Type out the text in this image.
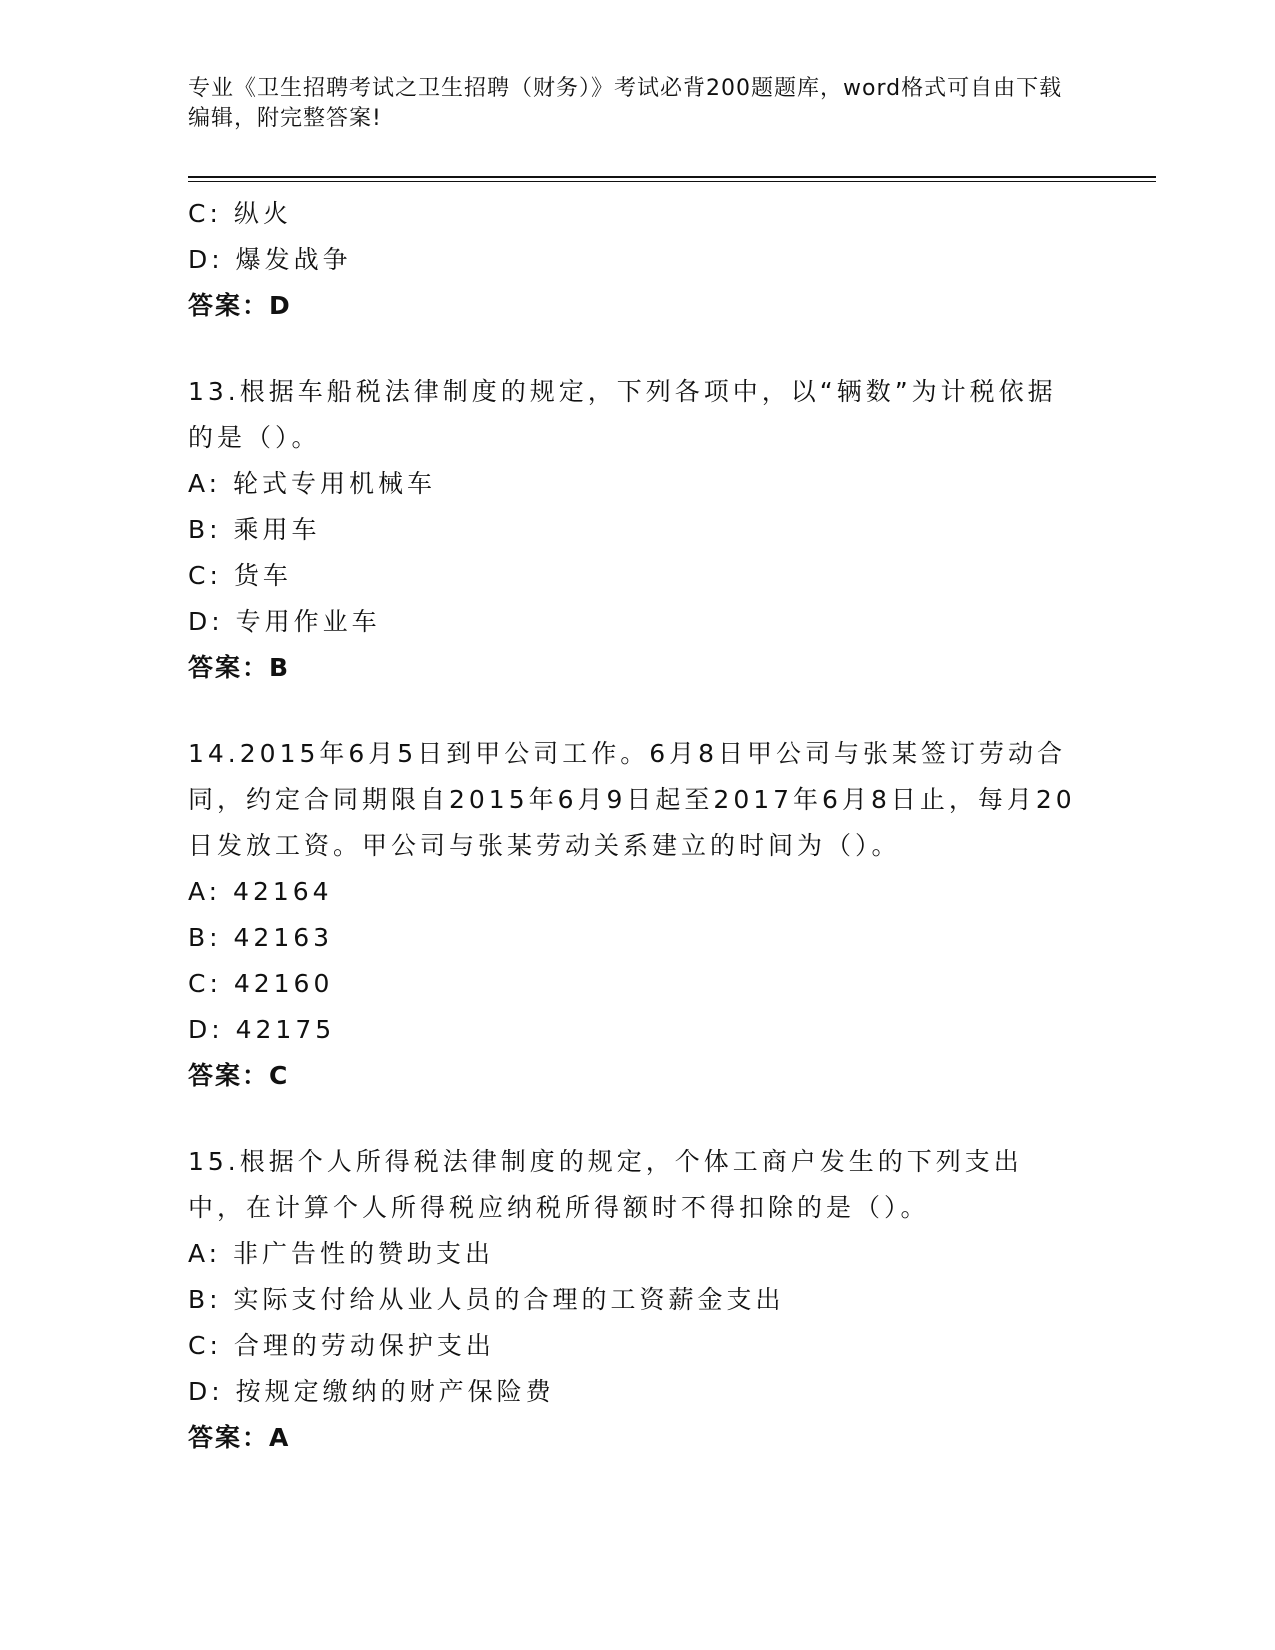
专业《卫生招聘考试之卫生招聘（财务）》考试必背200题题库，word格式可自由下载编辑，附完整答案!
C: 纵火
D: 爆发战争
答案：D
13.根据车船税法律制度的规定，下列各项中，以“辆数”为计税依据的是（）。
A: 轮式专用机械车
B: 乘用车
C: 货车
D: 专用作业车
答案：B
14.2015年6月5日到甲公司工作。6月8日甲公司与张某签订劳动合同，约定合同期限自2015年6月9日起至2017年6月8日止，每月20日发放工资。甲公司与张某劳动关系建立的时间为（）。
A: 42164
B: 42163
C: 42160
D: 42175
答案：C
15.根据个人所得税法律制度的规定，个体工商户发生的下列支出中，在计算个人所得税应纳税所得额时不得扣除的是（）。
A: 非广告性的赞助支出
B: 实际支付给从业人员的合理的工资薪金支出
C: 合理的劳动保护支出
D: 按规定缴纳的财产保险费
答案：A
